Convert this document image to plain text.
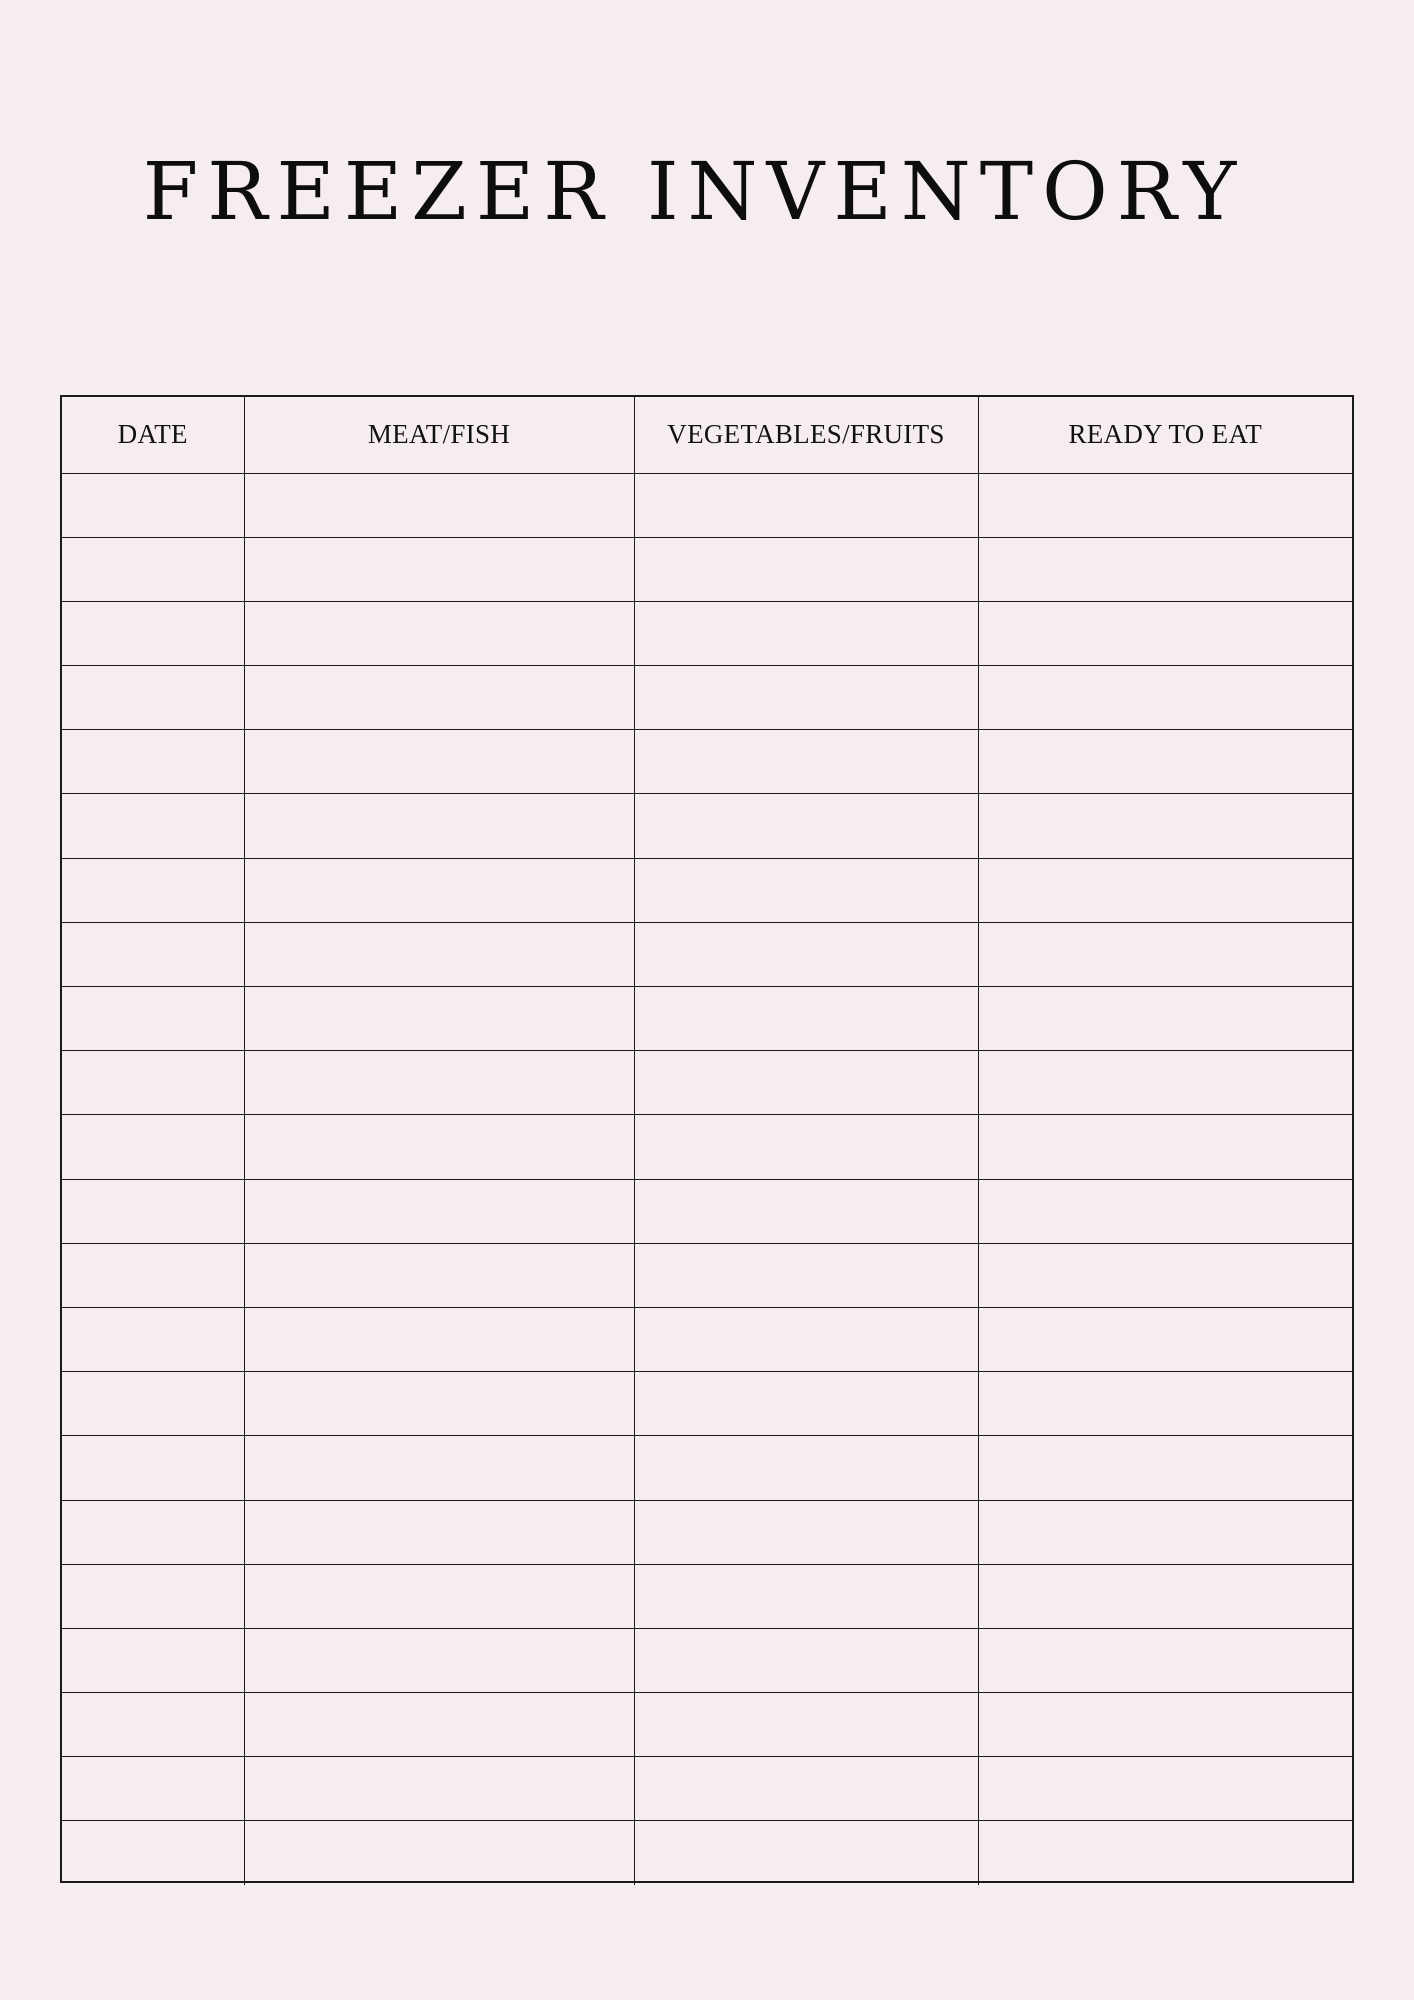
FREEZER INVENTORY
DATE	MEAT/FISH	VEGETABLES/FRUITS	READY TO EAT
